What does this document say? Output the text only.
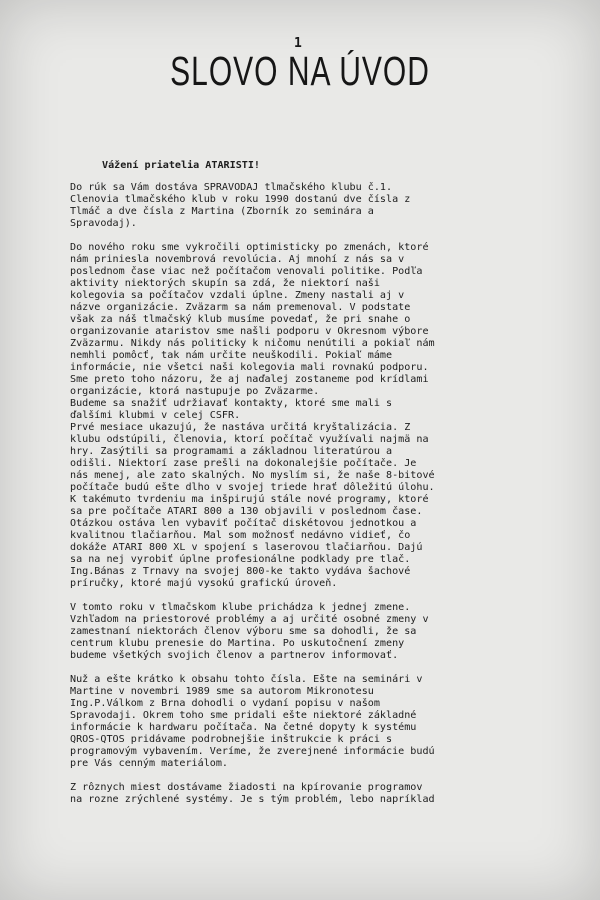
1
SLOVO NA ÚVOD
Vážení priatelia ATARISTI!
Do rúk sa Vám dostáva SPRAVODAJ tlmačského klubu č.1.
Členovia tlmačského klub v roku 1990 dostanú dve čísla z
Tlmáč a dve čísla z Martina (Zborník zo seminára a
Spravodaj).
Do nového roku sme vykročili optimisticky po zmenách, ktoré
nám priniesla novembrová revolúcia. Aj mnohí z nás sa v
poslednom čase viac než počítačom venovali politike. Podľa
aktivity niektorých skupín sa zdá, že niektorí naši
kolegovia sa počítačov vzdali úplne. Zmeny nastali aj v
názve organizácie. Zväzarm sa nám premenoval. V podstate
však za náš tlmačský klub musíme povedať, že pri snahe o
organizovanie ataristov sme našli podporu v Okresnom výbore
Zväzarmu. Nikdy nás politicky k ničomu nenútili a pokiaľ nám
nemhli pomôcť, tak nám určite neuškodili. Pokiaľ máme
informácie, nie všetci naši kolegovia mali rovnakú podporu.
Sme preto toho názoru, že aj naďalej zostaneme pod krídlami
organizácie, ktorá nastupuje po Zväzarme.
Budeme sa snažiť udržiavať kontakty, ktoré sme mali s
ďalšími klubmi v celej ČSFR.
Prvé mesiace ukazujú, že nastáva určitá kryštalizácia. Z
klubu odstúpili, členovia, ktorí počítač využívali najmä na
hry. Zasýtili sa programami a základnou literatúrou a
odišli. Niektorí zase prešli na dokonalejšie počítače. Je
nás menej, ale zato skalných. No myslím si, že naše 8-bitové
počítače budú ešte dlho v svojej triede hrať dôležitú úlohu.
K takémuto tvrdeniu ma inšpirujú stále nové programy, ktoré
sa pre počítače ATARI 800 a 130 objavili v poslednom čase.
Otázkou ostáva len vybaviť počítač diskétovou jednotkou a
kvalitnou tlačiarňou. Mal som možnosť nedávno vidieť, čo
dokáže ATARI 800 XL v spojení s laserovou tlačiarňou. Dajú
sa na nej vyrobiť úplne profesionálne podklady pre tlač.
Ing.Bánas z Trnavy na svojej 800-ke takto vydáva šachové
príručky, ktoré majú vysokú grafickú úroveň.
V tomto roku v tlmačskom klube prichádza k jednej zmene.
Vzhľadom na priestorové problémy a aj určité osobné zmeny v
zamestnaní niektorách členov výboru sme sa dohodli, že sa
centrum klubu prenesie do Martina. Po uskutočnení zmeny
budeme všetkých svojich členov a partnerov informovať.
Nuž a ešte krátko k obsahu tohto čísla. Ešte na seminári v
Martine v novembri 1989 sme sa autorom Mikronotesu
Ing.P.Válkom z Brna dohodli o vydaní popisu v našom
Spravodaji. Okrem toho sme pridali ešte niektoré základné
informácie k hardwaru počítača. Na četné dopyty k systému
QROS-QTOS pridávame podrobnejšie inštrukcie k práci s
programovým vybavením. Veríme, že zverejnené informácie budú
pre Vás cenným materiálom.
Z rôznych miest dostávame žiadosti na kpírovanie programov
na rozne zrýchlené systémy. Je s tým problém, lebo napríklad
